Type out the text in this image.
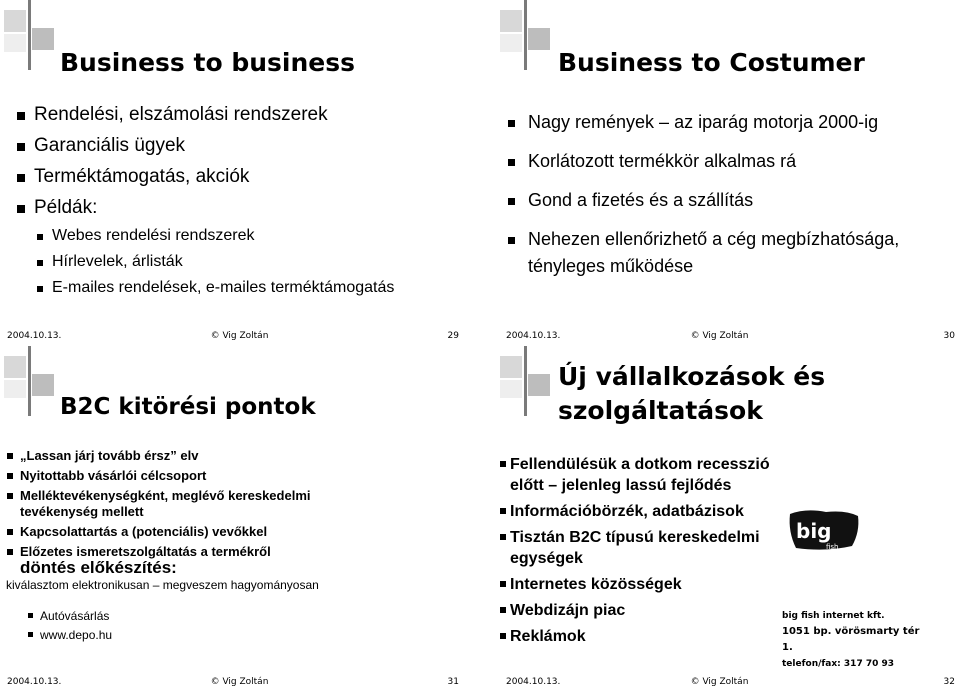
Business to business
Rendelési, elszámolási rendszerek
Garanciális ügyek
Terméktámogatás, akciók
Példák:
Webes rendelési rendszerek
Hírlevelek, árlisták
E-mailes rendelések, e-mailes terméktámogatás
2004.10.13.	© Vig Zoltán	29
Business to Costumer
Nagy remények – az iparág motorja 2000-ig
Korlátozott termékkör alkalmas rá
Gond a fizetés és a szállítás
Nehezen ellenőrizhető a cég megbízhatósága,
tényleges működése
2004.10.13.	© Vig Zoltán	30
B2C kitörési pontok
„Lassan járj tovább érsz” elv
Nyitottabb vásárlói célcsoport
Melléktevékenységként, meglévő kereskedelmi tevékenység mellett
Kapcsolattartás a (potenciális) vevőkkel
Előzetes ismeretszolgáltatás a termékről
döntés előkészítés:
kiválasztom elektronikusan – megveszem hagyományosan
Autóvásárlás
www.depo.hu
2004.10.13.	© Vig Zoltán	31
Új vállalkozások és
szolgáltatások
Fellendülésük a dotkom recesszió előtt – jelenleg lassú fejlődés
Információbörzék, adatbázisok
Tisztán B2C típusú kereskedelmi egységek
Internetes közösségek
Webdizájn piac
Reklámok
big
fish
big fish internet kft.
1051 bp. vörösmarty tér 1.
telefon/fax: 317 70 93
2004.10.13.	© Vig Zoltán	32
